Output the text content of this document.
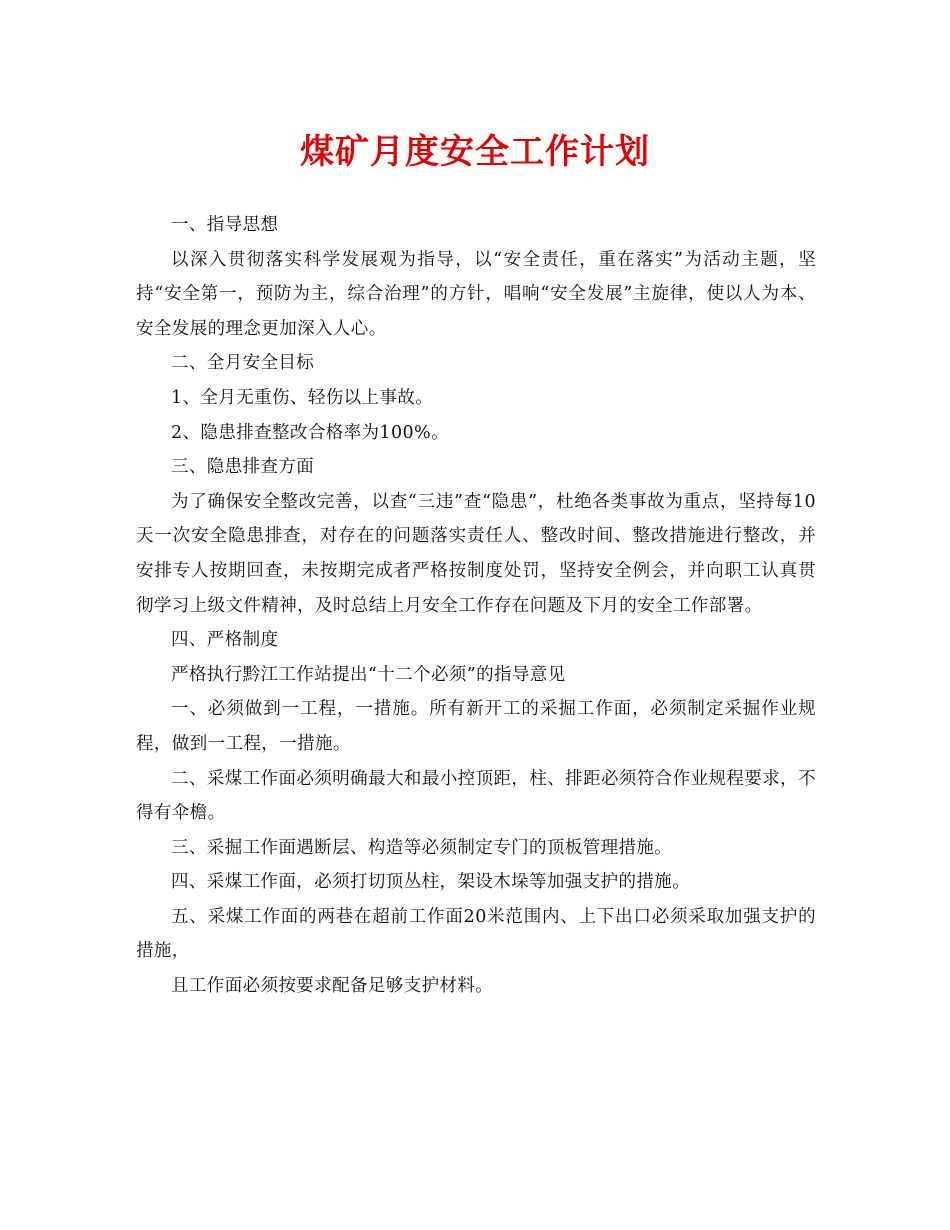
煤矿月度安全工作计划

一、指导思想

以深入贯彻落实科学发展观为指导，以“安全责任，重在落实”为活动主题，坚持“安全第一，预防为主，综合治理”的方针，唱响“安全发展”主旋律，使以人为本、安全发展的理念更加深入人心。

二、全月安全目标

1、全月无重伤、轻伤以上事故。

2、隐患排查整改合格率为100%。

三、隐患排查方面

为了确保安全整改完善，以查“三违”查“隐患”，杜绝各类事故为重点，坚持每10天一次安全隐患排查，对存在的问题落实责任人、整改时间、整改措施进行整改，并安排专人按期回查，未按期完成者严格按制度处罚，坚持安全例会，并向职工认真贯彻学习上级文件精神，及时总结上月安全工作存在问题及下月的安全工作部署。

四、严格制度

严格执行黔江工作站提出“十二个必须”的指导意见

一、必须做到一工程，一措施。所有新开工的采掘工作面，必须制定采掘作业规程，做到一工程，一措施。

二、采煤工作面必须明确最大和最小控顶距，柱、排距必须符合作业规程要求，不得有伞檐。

三、采掘工作面遇断层、构造等必须制定专门的顶板管理措施。

四、采煤工作面，必须打切顶丛柱，架设木垛等加强支护的措施。

五、采煤工作面的两巷在超前工作面20米范围内、上下出口必须采取加强支护的措施，

且工作面必须按要求配备足够支护材料。
